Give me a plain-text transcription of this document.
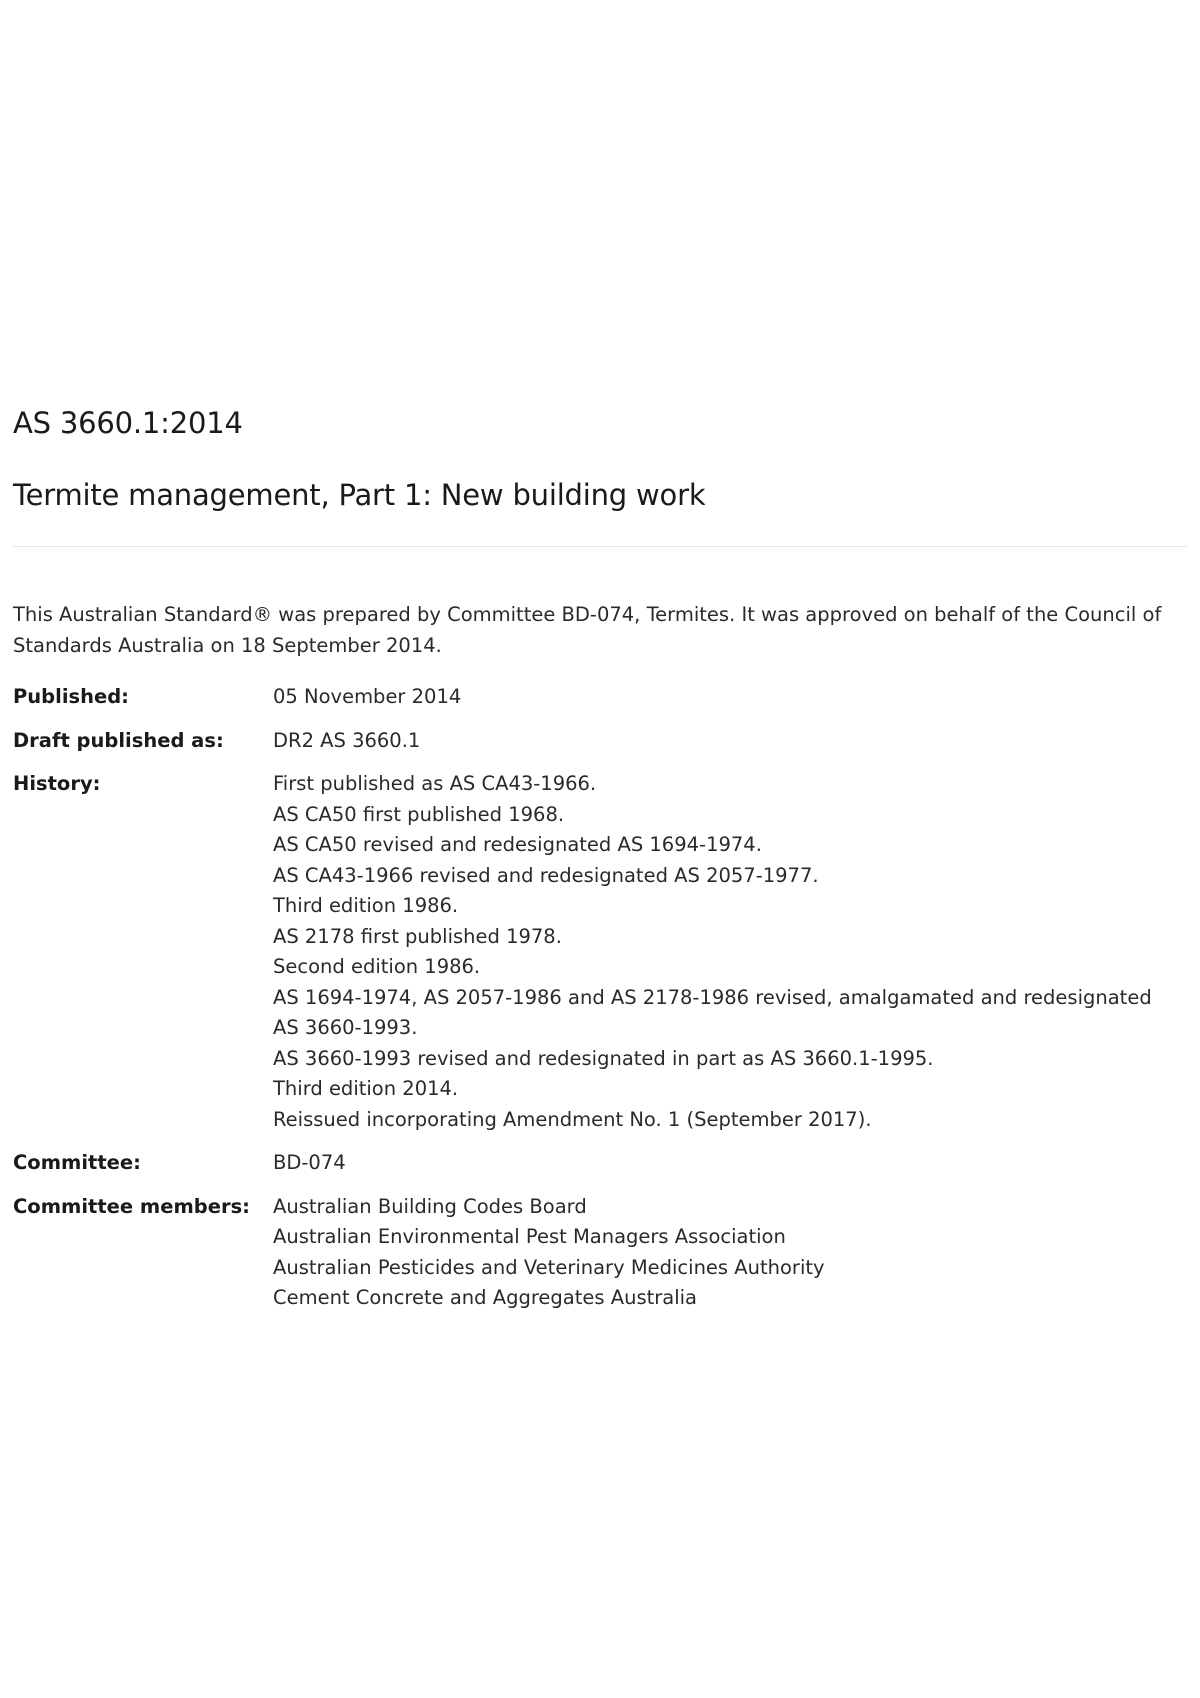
AS 3660.1:2014
Termite management, Part 1: New building work

This Australian Standard® was prepared by Committee BD-074, Termites. It was approved on behalf of the Council of Standards Australia on 18 September 2014.

Published:	05 November 2014
Draft published as:	DR2 AS 3660.1
History:	First published as AS CA43-1966.
AS CA50 first published 1968.
AS CA50 revised and redesignated AS 1694-1974.
AS CA43-1966 revised and redesignated AS 2057-1977.
Third edition 1986.
AS 2178 first published 1978.
Second edition 1986.
AS 1694-1974, AS 2057-1986 and AS 2178-1986 revised, amalgamated and redesignated
AS 3660-1993.
AS 3660-1993 revised and redesignated in part as AS 3660.1-1995.
Third edition 2014.
Reissued incorporating Amendment No. 1 (September 2017).
Committee:	BD-074
Committee members:	Australian Building Codes Board
Australian Environmental Pest Managers Association
Australian Pesticides and Veterinary Medicines Authority
Cement Concrete and Aggregates Australia
